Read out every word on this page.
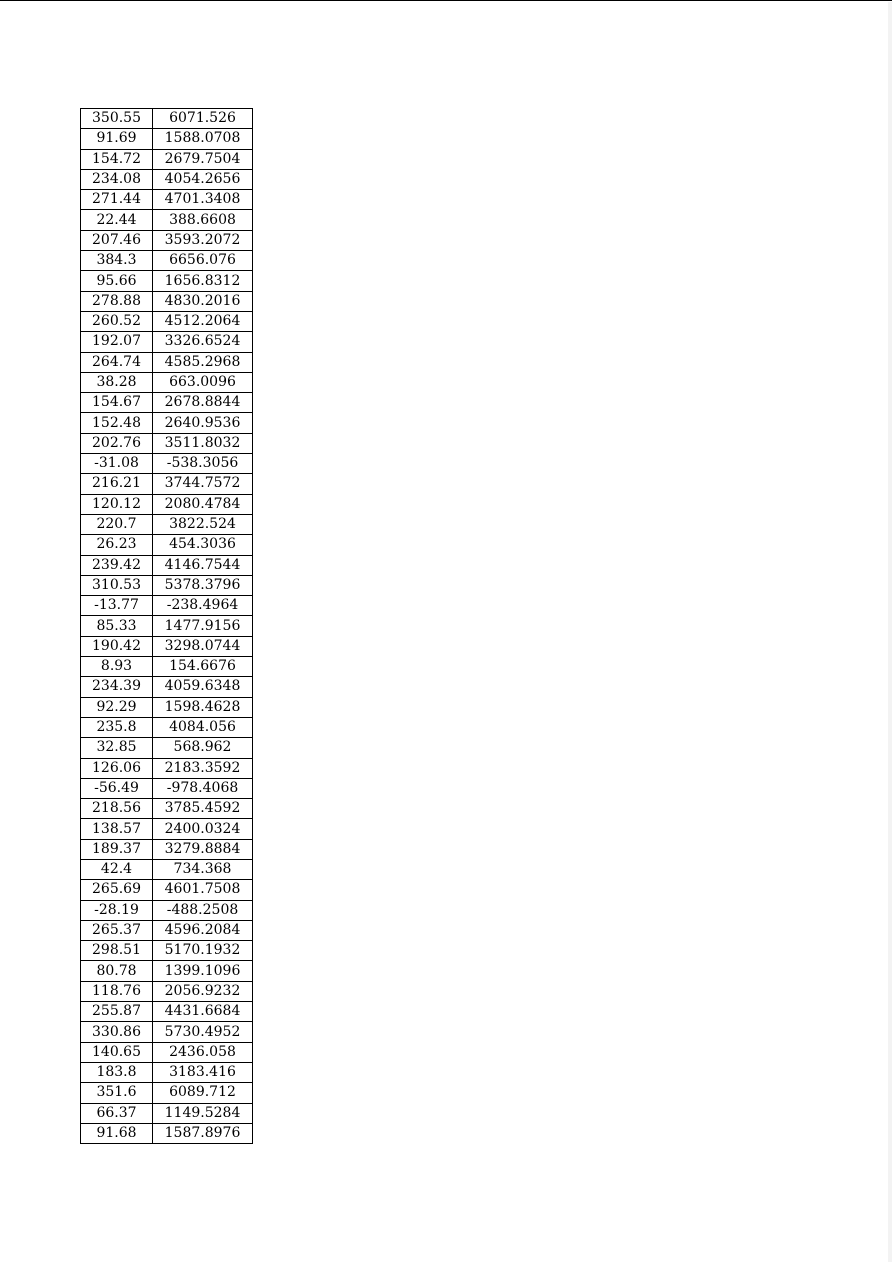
350.55	6071.526
91.69	1588.0708
154.72	2679.7504
234.08	4054.2656
271.44	4701.3408
22.44	388.6608
207.46	3593.2072
384.3	6656.076
95.66	1656.8312
278.88	4830.2016
260.52	4512.2064
192.07	3326.6524
264.74	4585.2968
38.28	663.0096
154.67	2678.8844
152.48	2640.9536
202.76	3511.8032
-31.08	-538.3056
216.21	3744.7572
120.12	2080.4784
220.7	3822.524
26.23	454.3036
239.42	4146.7544
310.53	5378.3796
-13.77	-238.4964
85.33	1477.9156
190.42	3298.0744
8.93	154.6676
234.39	4059.6348
92.29	1598.4628
235.8	4084.056
32.85	568.962
126.06	2183.3592
-56.49	-978.4068
218.56	3785.4592
138.57	2400.0324
189.37	3279.8884
42.4	734.368
265.69	4601.7508
-28.19	-488.2508
265.37	4596.2084
298.51	5170.1932
80.78	1399.1096
118.76	2056.9232
255.87	4431.6684
330.86	5730.4952
140.65	2436.058
183.8	3183.416
351.6	6089.712
66.37	1149.5284
91.68	1587.8976
